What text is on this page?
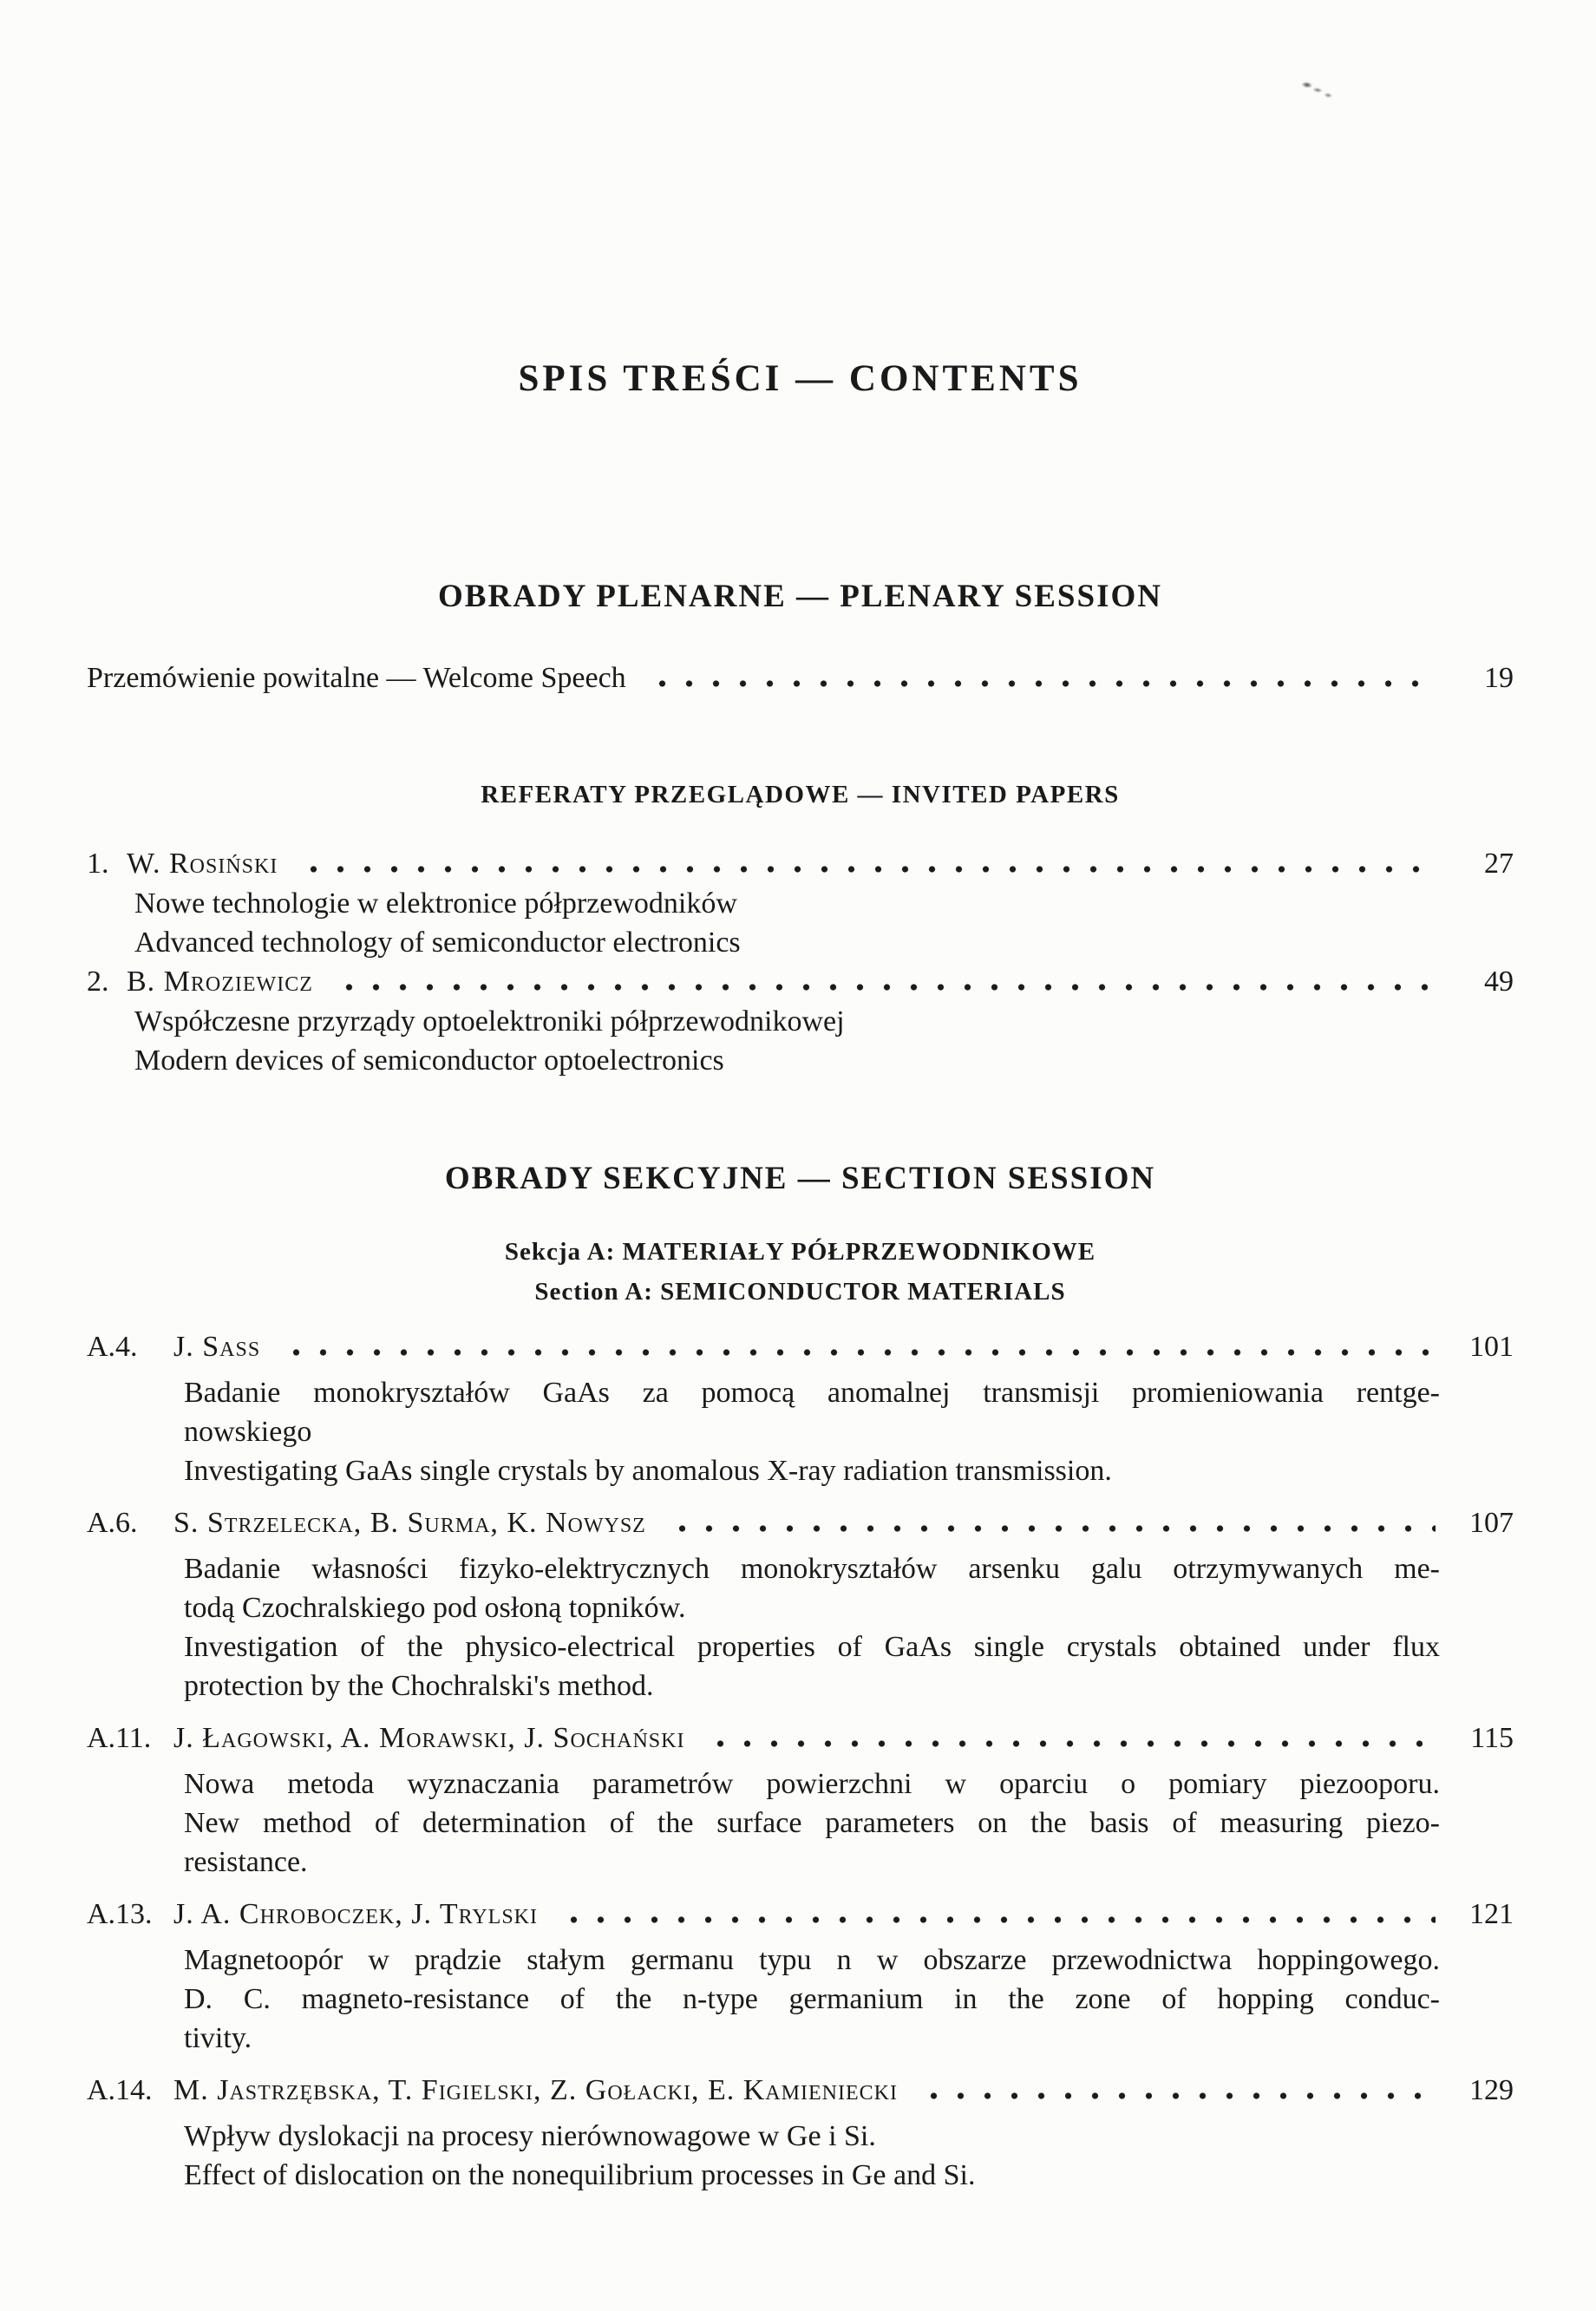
SPIS TREŚCI — CONTENTS
OBRADY PLENARNE — PLENARY SESSION
Przemówienie powitalne — Welcome Speech	19
REFERATY PRZEGLĄDOWE — INVITED PAPERS
1. W. Rosiński	27
Nowe technologie w elektronice półprzewodników
Advanced technology of semiconductor electronics
2. B. Mroziewicz	49
Współczesne przyrządy optoelektroniki półprzewodnikowej
Modern devices of semiconductor optoelectronics
OBRADY SEKCYJNE — SECTION SESSION
Sekcja A: MATERIAŁY PÓŁPRZEWODNIKOWE
Section A: SEMICONDUCTOR MATERIALS
A.4.	J. Sass	101
Badanie monokryształów GaAs za pomocą anomalnej transmisji promieniowania rentge-
nowskiego
Investigating GaAs single crystals by anomalous X-ray radiation transmission.
A.6.	S. Strzelecka, B. Surma, K. Nowysz	107
Badanie własności fizyko-elektrycznych monokryształów arsenku galu otrzymywanych me-
todą Czochralskiego pod osłoną topników.
Investigation of the physico-electrical properties of GaAs single crystals obtained under flux
protection by the Chochralski's method.
A.11. J. Łagowski, A. Morawski, J. Sochański	115
Nowa metoda wyznaczania parametrów powierzchni w oparciu o pomiary piezooporu.
New method of determination of the surface parameters on the basis of measuring piezo-
resistance.
A.13. J. A. Chroboczek, J. Trylski	121
Magnetoopór w prądzie stałym germanu typu n w obszarze przewodnictwa hoppingowego.
D. C. magneto-resistance of the n-type germanium in the zone of hopping conduc-
tivity.
A.14. M. Jastrzębska, T. Figielski, Z. Gołacki, E. Kamieniecki	129
Wpływ dyslokacji na procesy nierównowagowe w Ge i Si.
Effect of dislocation on the nonequilibrium processes in Ge and Si.
